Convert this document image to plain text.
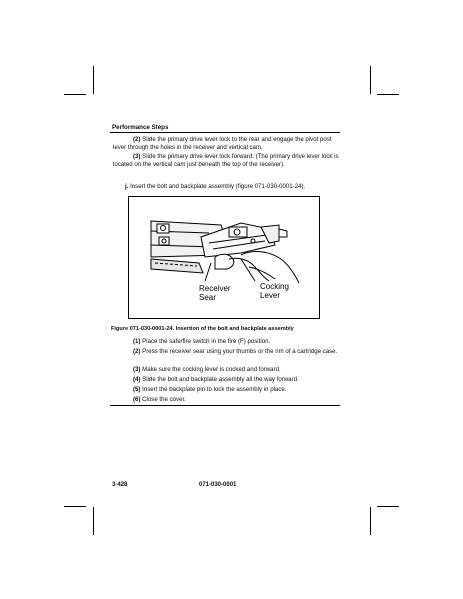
Performance Steps

(2) Slide the primary drive lever lock to the rear and engage the pivot post lever through the holes in the receiver and vertical cam.

(3) Slide the primary drive lever lock forward. (The primary drive lever lock is located on the vertical cam just beneath the top of the receiver).

j. Insert the bolt and backplate assembly (figure 071-030-0001-24).

Receiver
Sear
Cocking
Lever
Figure 071-030-0001-24. Insertion of the bolt and backplate assembly

(1) Place the safe/fire switch in the fire (F) position.

(2) Press the receiver sear using your thumbs or the rim of a cartridge case.

(3) Make sure the cocking lever is cocked and forward.

(4) Slide the bolt and backplate assembly all the way forward.

(5) Insert the backplate pin to lock the assembly in place.

(6) Close the cover.

3-428	071-030-0001
